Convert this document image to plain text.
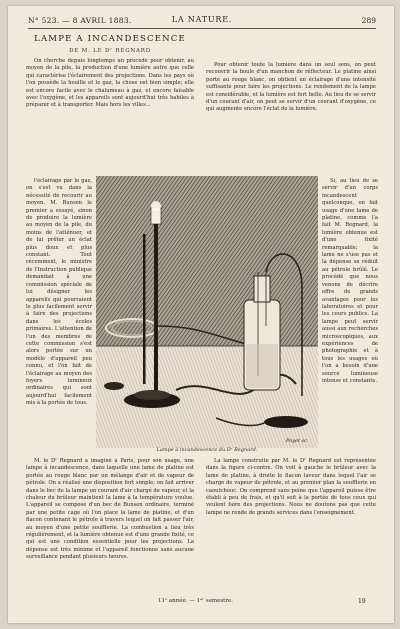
N° 523. — 8 AVRIL 1883.	LA NATURE.	289
LAMPE A INCANDESCENCE
DE M. LE Dʳ REGNARD

On cherche depuis longtemps un procédé pour obtenir, au moyen de la pile, la production d'une lumière autre que celle qui caractérise l'éclairement des projections. Dans les pays où l'on possède la houille et le gaz, la chose est bien simple; elle est encore facile avec le chalumeau à gaz, et encore faisable avec l'oxygène, et les appareils sont aujourd'hui très habiles à préparer et à transporter. Mais hors les villes...

l'éclairage par le gaz, on s'est vu dans la nécessité de recourir au moyen. M. Bunsen le premier a essayé, sinon de produire la lumière au moyen de la pile, du moins de l'atténuer, et de lui prêter un éclat plus doux et plus constant. Tout récemment, le ministre de l'Instruction publique demandait à une commission spéciale de lui désigner les appareils qui pourraient le plus facilement servir à faire des projections dans les écoles primaires. L'attention de l'un des membres de cette commission s'est alors portée sur un modèle d'appareil peu connu, et l'on fait de l'éclairage au moyen des foyers lumineux ordinaires qui sont aujourd'hui facilement mis à la portée de tous.

M. le Dʳ Regnard a imaginé à Paris, pour son usage, une lampe à incandescence, dans laquelle une lame de platine est portée au rouge blanc par un mélange d'air et de vapeur de pétrole. On a réalisé une disposition fort simple; on fait arriver dans le bec de la lampe un courant d'air chargé de vapeur, et la chaleur du brûleur maintient la lame à la température voulue. L'appareil se compose d'un bec de Bunsen ordinaire, terminé par une petite cage où l'on place la lame de platine, et d'un flacon contenant le pétrole à travers lequel on fait passer l'air, au moyen d'une petite soufflerie. La combustion a lieu très régulièrement, et la lumière obtenue est d'une grande fixité, ce qui est une condition essentielle pour les projections. La dépense est très minime et l'appareil fonctionne sans aucune surveillance pendant plusieurs heures.

Pour obtenir toute la lumière dans un seul sens, on peut recouvrir la boule d'un manchon de réflecteur. Le platine ainsi porté au rouge blanc, on obtient un éclairage d'une intensité suffisante pour faire les projections. Le rendement de la lampe est considérable, et la lumière est fort belle. Au lieu de se servir d'un courant d'air, on peut se servir d'un courant d'oxygène, ce qui augmente encore l'éclat de la lumière.

Si, au lieu de se servir d'un corps incandescent quelconque, on fait usage d'une lame de platine, comme l'a fait M. Regnard, la lumière obtenue est d'une fixité remarquable; la lame ne s'use pas et la dépense se réduit au pétrole brûlé. Le procédé que nous venons de décrire offre de grands avantages pour les laboratoires et pour les cours publics. La lampe peut servir aussi aux recherches microscopiques, aux expériences de photographie et à tous les usages où l'on a besoin d'une source lumineuse intense et constante.

La lampe construite par M. le Dʳ Regnard est représentée dans la figure ci-contre. On voit à gauche le brûleur avec la lame de platine, à droite le flacon laveur dans lequel l'air se charge de vapeur de pétrole, et au premier plan la soufflerie en caoutchouc. On comprend sans peine que l'appareil puisse être établi à peu de frais, et qu'il soit à la portée de tous ceux qui veulent faire des projections. Nous ne doutons pas que cette lampe ne rende de grands services dans l'enseignement.

Poyet sc.
Lampe à incandescence du Dʳ Regnard.
11ᵉ année. — 1ᵉʳ semestre.	19
